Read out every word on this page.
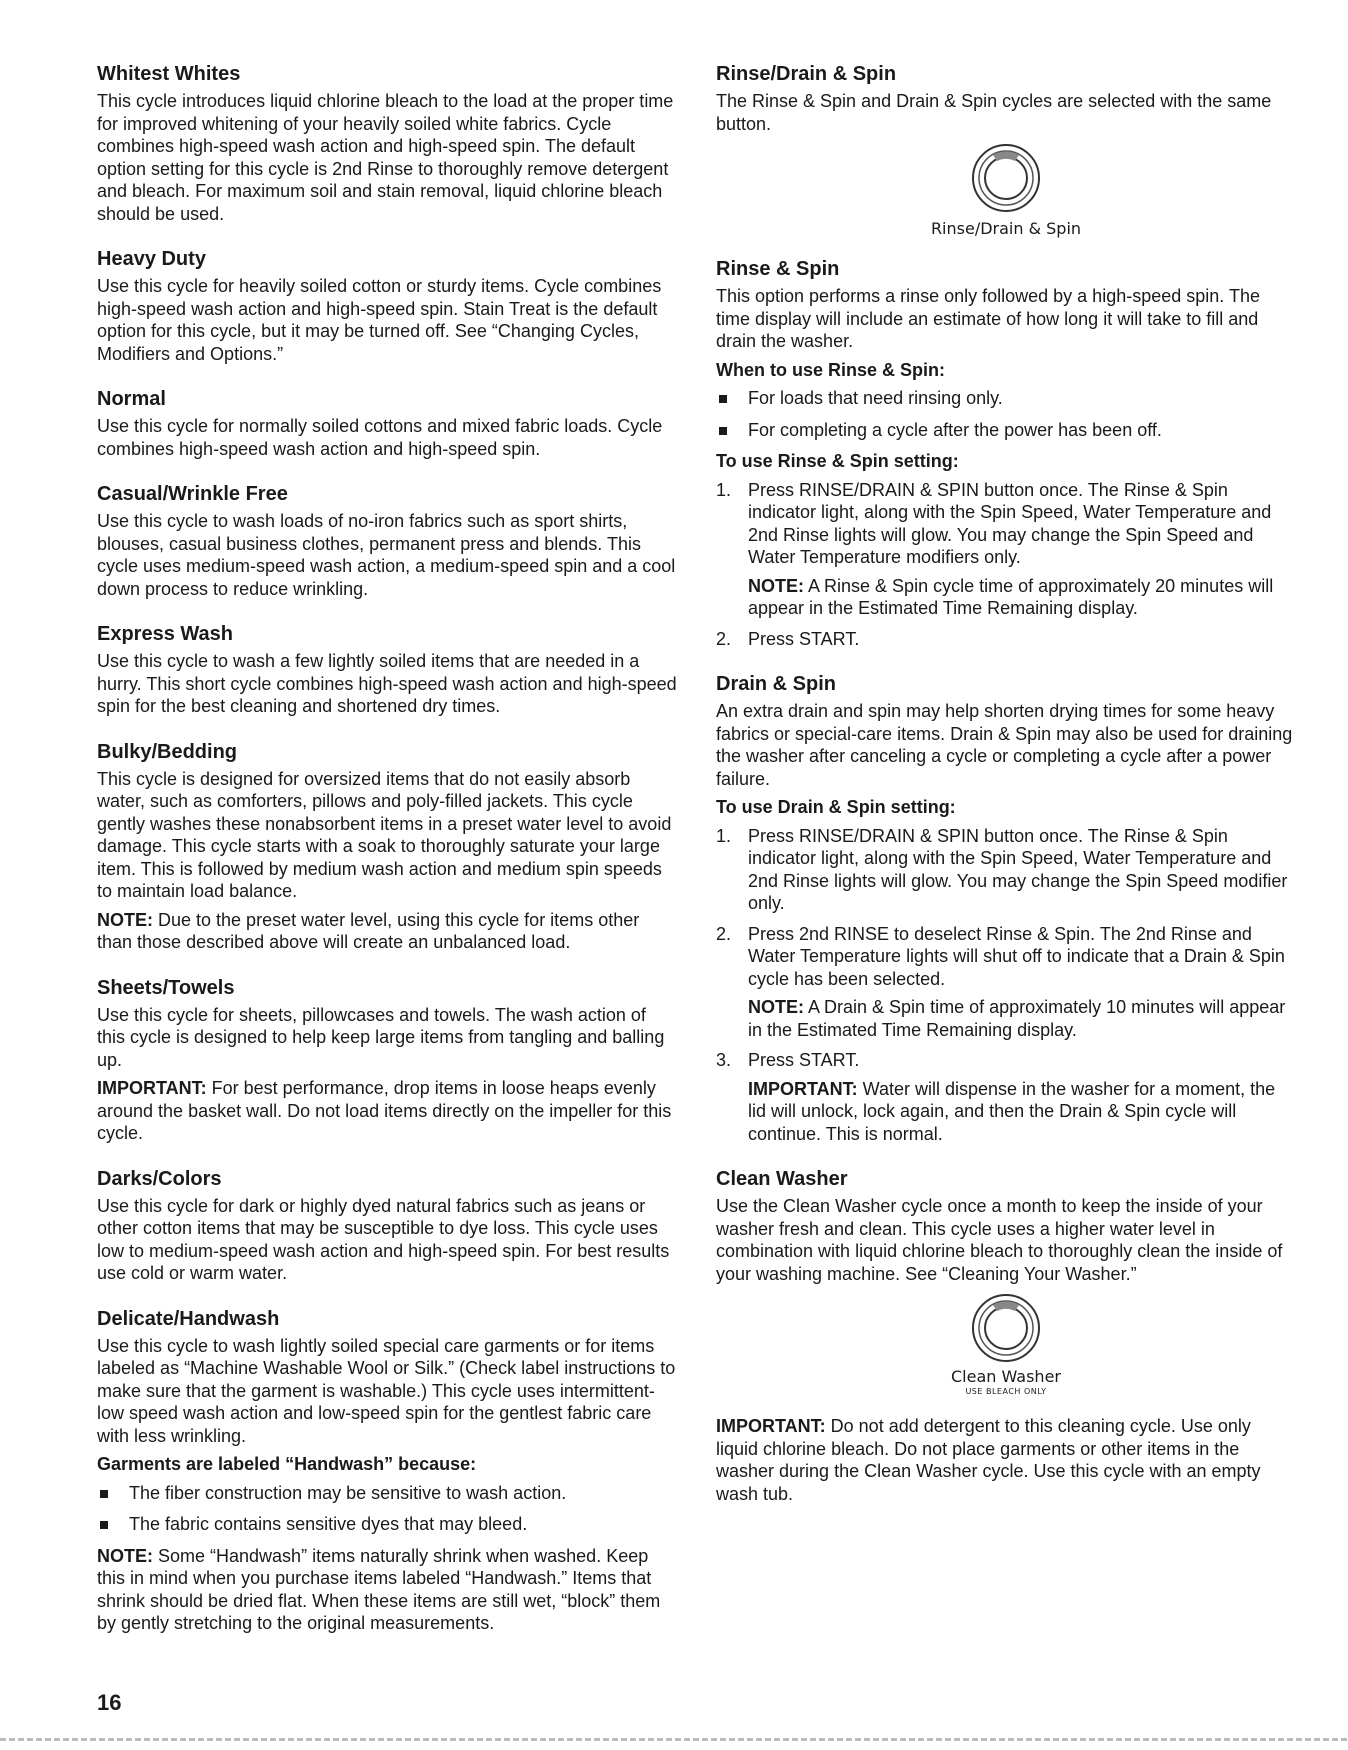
Whitest Whites

This cycle introduces liquid chlorine bleach to the load at the proper time for improved whitening of your heavily soiled white fabrics. Cycle combines high-speed wash action and high-speed spin. The default option setting for this cycle is 2nd Rinse to thoroughly remove detergent and bleach. For maximum soil and stain removal, liquid chlorine bleach should be used.

Heavy Duty

Use this cycle for heavily soiled cotton or sturdy items. Cycle combines high-speed wash action and high-speed spin. Stain Treat is the default option for this cycle, but it may be turned off. See “Changing Cycles, Modifiers and Options.”

Normal

Use this cycle for normally soiled cottons and mixed fabric loads. Cycle combines high-speed wash action and high-speed spin.

Casual/Wrinkle Free

Use this cycle to wash loads of no-iron fabrics such as sport shirts, blouses, casual business clothes, permanent press and blends. This cycle uses medium-speed wash action, a medium-speed spin and a cool down process to reduce wrinkling.

Express Wash

Use this cycle to wash a few lightly soiled items that are needed in a hurry. This short cycle combines high-speed wash action and high-speed spin for the best cleaning and shortened dry times.

Bulky/Bedding

This cycle is designed for oversized items that do not easily absorb water, such as comforters, pillows and poly-filled jackets. This cycle gently washes these nonabsorbent items in a preset water level to avoid damage. This cycle starts with a soak to thoroughly saturate your large item. This is followed by medium wash action and medium spin speeds to maintain load balance.

NOTE: Due to the preset water level, using this cycle for items other than those described above will create an unbalanced load.

Sheets/Towels

Use this cycle for sheets, pillowcases and towels. The wash action of this cycle is designed to help keep large items from tangling and balling up.

IMPORTANT: For best performance, drop items in loose heaps evenly around the basket wall. Do not load items directly on the impeller for this cycle.

Darks/Colors

Use this cycle for dark or highly dyed natural fabrics such as jeans or other cotton items that may be susceptible to dye loss. This cycle uses low to medium-speed wash action and high-speed spin. For best results use cold or warm water.

Delicate/Handwash

Use this cycle to wash lightly soiled special care garments or for items labeled as “Machine Washable Wool or Silk.” (Check label instructions to make sure that the garment is washable.) This cycle uses intermittent-low speed wash action and low-speed spin for the gentlest fabric care with less wrinkling.

Garments are labeled “Handwash” because:
The fiber construction may be sensitive to wash action.
The fabric contains sensitive dyes that may bleed.

NOTE: Some “Handwash” items naturally shrink when washed. Keep this in mind when you purchase items labeled “Handwash.” Items that shrink should be dried flat. When these items are still wet, “block” them by gently stretching to the original measurements.

Rinse/Drain & Spin

The Rinse & Spin and Drain & Spin cycles are selected with the same button.

Rinse/Drain & Spin
Rinse & Spin

This option performs a rinse only followed by a high-speed spin. The time display will include an estimate of how long it will take to fill and drain the washer.

When to use Rinse & Spin:
For loads that need rinsing only.
For completing a cycle after the power has been off.
To use Rinse & Spin setting:
1. Press RINSE/DRAIN & SPIN button once. The Rinse & Spin indicator light, along with the Spin Speed, Water Temperature and 2nd Rinse lights will glow. You may change the Spin Speed and Water Temperature modifiers only.

NOTE: A Rinse & Spin cycle time of approximately 20 minutes will appear in the Estimated Time Remaining display.

2. Press START.

Drain & Spin

An extra drain and spin may help shorten drying times for some heavy fabrics or special-care items. Drain & Spin may also be used for draining the washer after canceling a cycle or completing a cycle after a power failure.

To use Drain & Spin setting:
1. Press RINSE/DRAIN & SPIN button once. The Rinse & Spin indicator light, along with the Spin Speed, Water Temperature and 2nd Rinse lights will glow. You may change the Spin Speed modifier only.

2. Press 2nd RINSE to deselect Rinse & Spin. The 2nd Rinse and Water Temperature lights will shut off to indicate that a Drain & Spin cycle has been selected.

NOTE: A Drain & Spin time of approximately 10 minutes will appear in the Estimated Time Remaining display.

3. Press START.

IMPORTANT: Water will dispense in the washer for a moment, the lid will unlock, lock again, and then the Drain & Spin cycle will continue. This is normal.

Clean Washer

Use the Clean Washer cycle once a month to keep the inside of your washer fresh and clean. This cycle uses a higher water level in combination with liquid chlorine bleach to thoroughly clean the inside of your washing machine. See “Cleaning Your Washer.”

Clean Washer
USE BLEACH ONLY

IMPORTANT: Do not add detergent to this cleaning cycle. Use only liquid chlorine bleach. Do not place garments or other items in the washer during the Clean Washer cycle. Use this cycle with an empty wash tub.

16
